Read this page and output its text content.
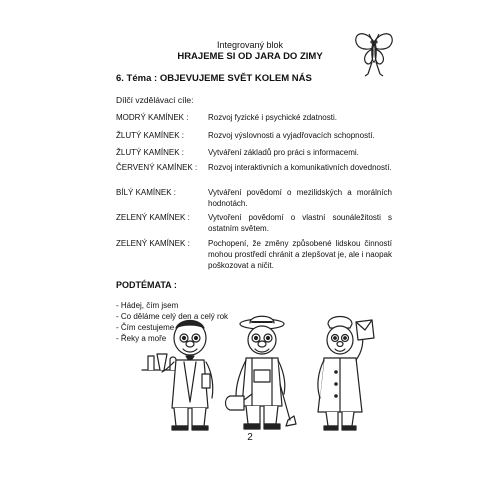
Integrovaný blok
HRAJEME SI OD JARA DO ZIMY
6. Téma : OBJEVUJEME SVĚT KOLEM NÁS
Dílčí vzdělávací cíle:
MODRÝ KAMÍNEK : Rozvoj fyzické i psychické zdatnosti.
ŽLUTÝ KAMÍNEK :	Rozvoj výslovnosti a vyjadřovacích schopností.
ŽLUTÝ KAMÍNEK :	Vytváření základů pro práci s informacemi.
ČERVENÝ KAMÍNEK : Rozvoj interaktivních a komunikativních dovedností.
BÍLÝ KAMÍNEK :	Vytváření povědomí o mezilidských a morálních hodnotách.
ZELENÝ KAMÍNEK : Vytvoření povědomí o vlastní sounáležitosti s ostatním světem.
ZELENÝ KAMÍNEK : Pochopení, že změny způsobené lidskou činností mohou prostředí chránit a zlepšovat je, ale i naopak poškozovat a ničit.
PODTÉMATA :
- Hádej, čím jsem
- Co děláme celý den a celý rok
- Čím cestujeme
- Řeky a moře
2
